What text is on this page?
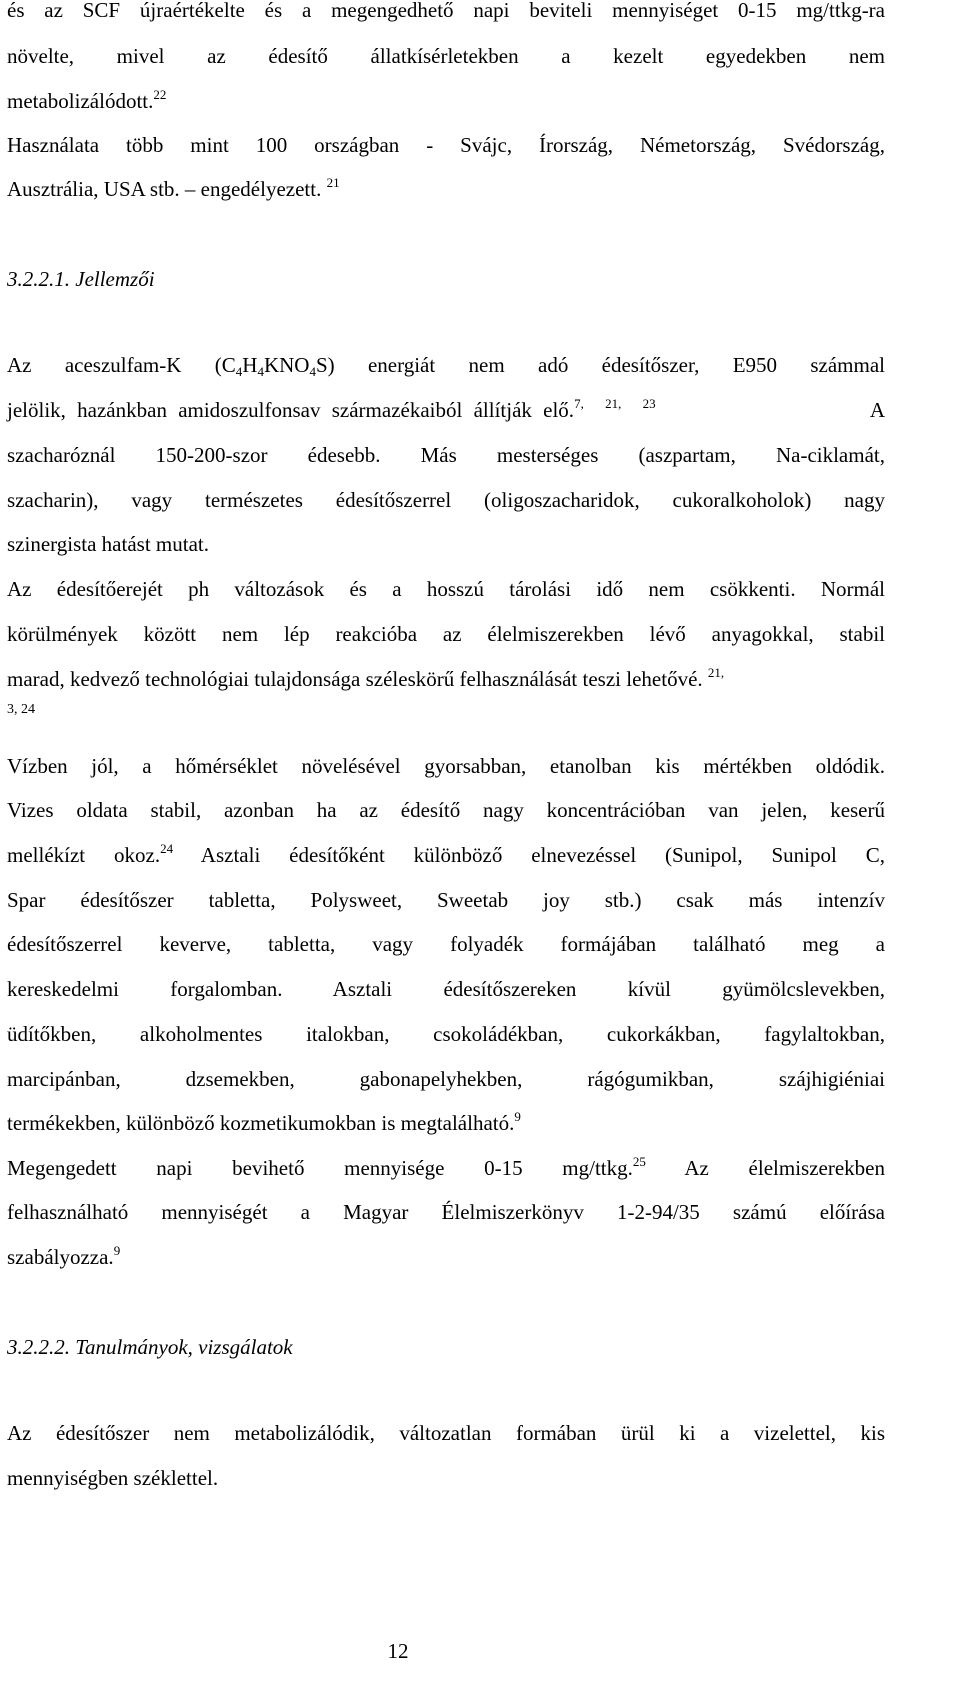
és az SCF újraértékelte és a megengedhető napi beviteli mennyiséget 0-15 mg/ttkg-ra
növelte, mivel az édesítő állatkísérletekben a kezelt egyedekben nem
metabolizálódott.$^{22}$
Használata több mint 100 országban - Svájc, Írország, Németország, Svédország,
Ausztrália, USA stb. – engedélyezett. $^{21}$
3.2.2.1. Jellemzői
Az aceszulfam-K (C4H4KNO4S) energiát nem adó édesítőszer, E950 számmal
jelölik, hazánkban amidoszulfonsav származékaiból állítják elő.$^{7, 21, 23}$	A
szacharóznál 150-200-szor édesebb. Más mesterséges (aszpartam, Na-ciklamát,
szacharin), vagy természetes édesítőszerrel (oligoszacharidok, cukoralkoholok) nagy
szinergista hatást mutat.
Az édesítőerejét ph változások és a hosszú tárolási idő nem csökkenti. Normál
körülmények között nem lép reakcióba az élelmiszerekben lévő anyagokkal, stabil
marad, kedvező technológiai tulajdonsága széleskörű felhasználását teszi lehetővé. $^{21,}$
3, 24
Vízben jól, a hőmérséklet növelésével gyorsabban, etanolban kis mértékben oldódik.
Vizes oldata stabil, azonban ha az édesítő nagy koncentrációban van jelen, keserű
mellékízt okoz.$^{24}$ Asztali édesítőként különböző elnevezéssel (Sunipol, Sunipol C,
Spar édesítőszer tabletta, Polysweet, Sweetab joy stb.) csak más intenzív
édesítőszerrel keverve, tabletta, vagy folyadék formájában található meg a
kereskedelmi forgalomban. Asztali édesítőszereken kívül gyümölcslevekben,
üdítőkben, alkoholmentes italokban, csokoládékban, cukorkákban, fagylaltokban,
marcipánban, dzsemekben, gabonapelyhekben, rágógumikban, szájhigiéniai
termékekben, különböző kozmetikumokban is megtalálható.$^9$
Megengedett napi bevihető mennyisége 0-15 mg/ttkg.$^{25}$ Az élelmiszerekben
felhasználható mennyiségét a Magyar Élelmiszerkönyv 1-2-94/35 számú előírása
szabályozza.$^9$
3.2.2.2. Tanulmányok, vizsgálatok
Az édesítőszer nem metabolizálódik, változatlan formában ürül ki a vizelettel, kis
mennyiségben széklettel.
12
